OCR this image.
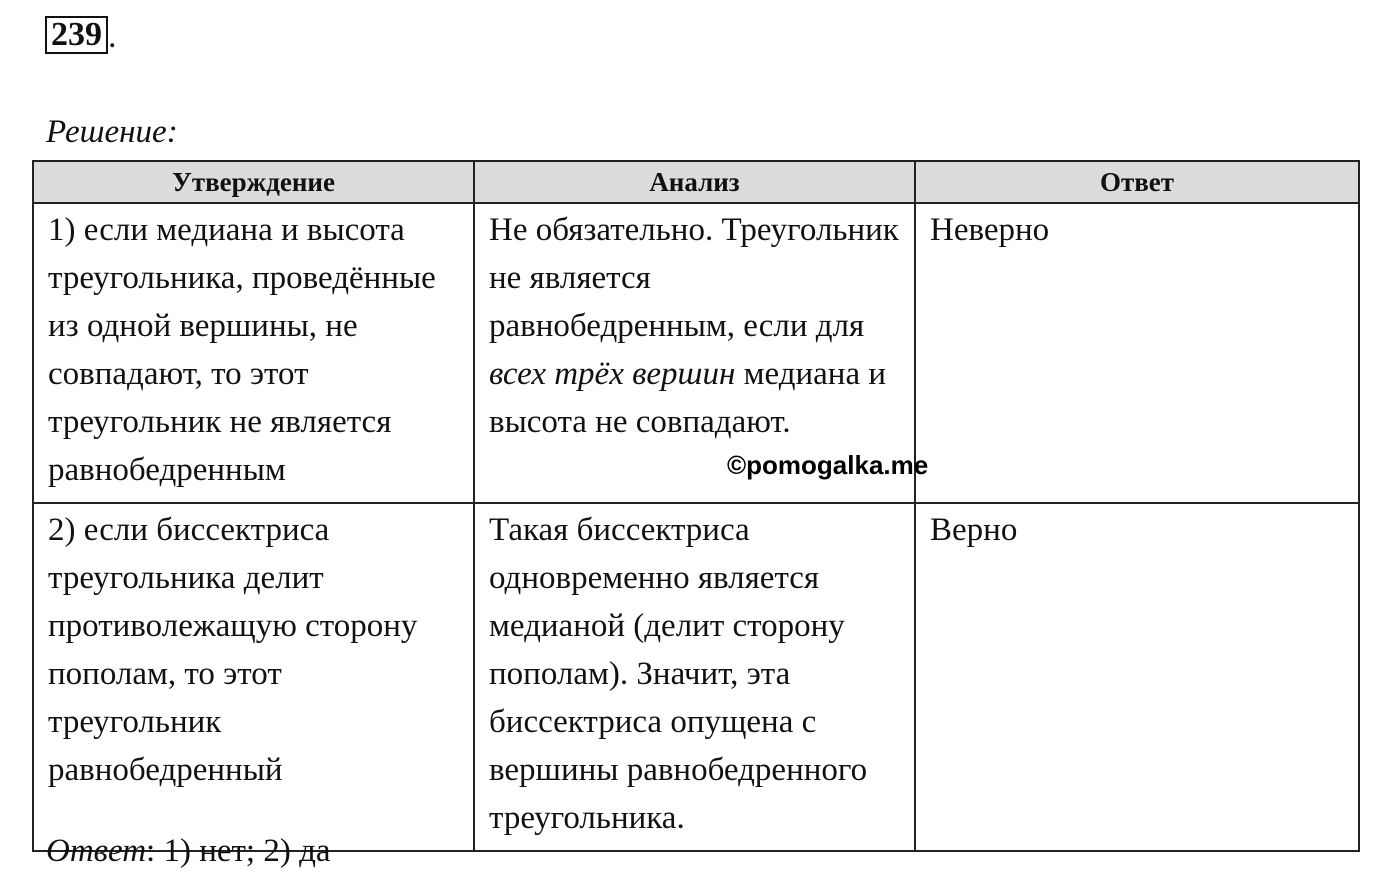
239 .
Решение:
Утверждение	Анализ	Ответ
1) если медиана и высота треугольника, проведённые из одной вершины, не совпадают, то этот треугольник не является равнобедренным	Не обязательно. Треугольник не является равнобедренным, если для всех трёх вершин медиана и высота не совпадают.	Неверно
2) если биссектриса треугольника делит противолежащую сторону пополам, то этот треугольник равнобедренный	Такая биссектриса одновременно является медианой (делит сторону пополам). Значит, эта биссектриса опущена с вершины равнобедренного треугольника.	Верно
©pomogalka.me
Ответ: 1) нет; 2) да
